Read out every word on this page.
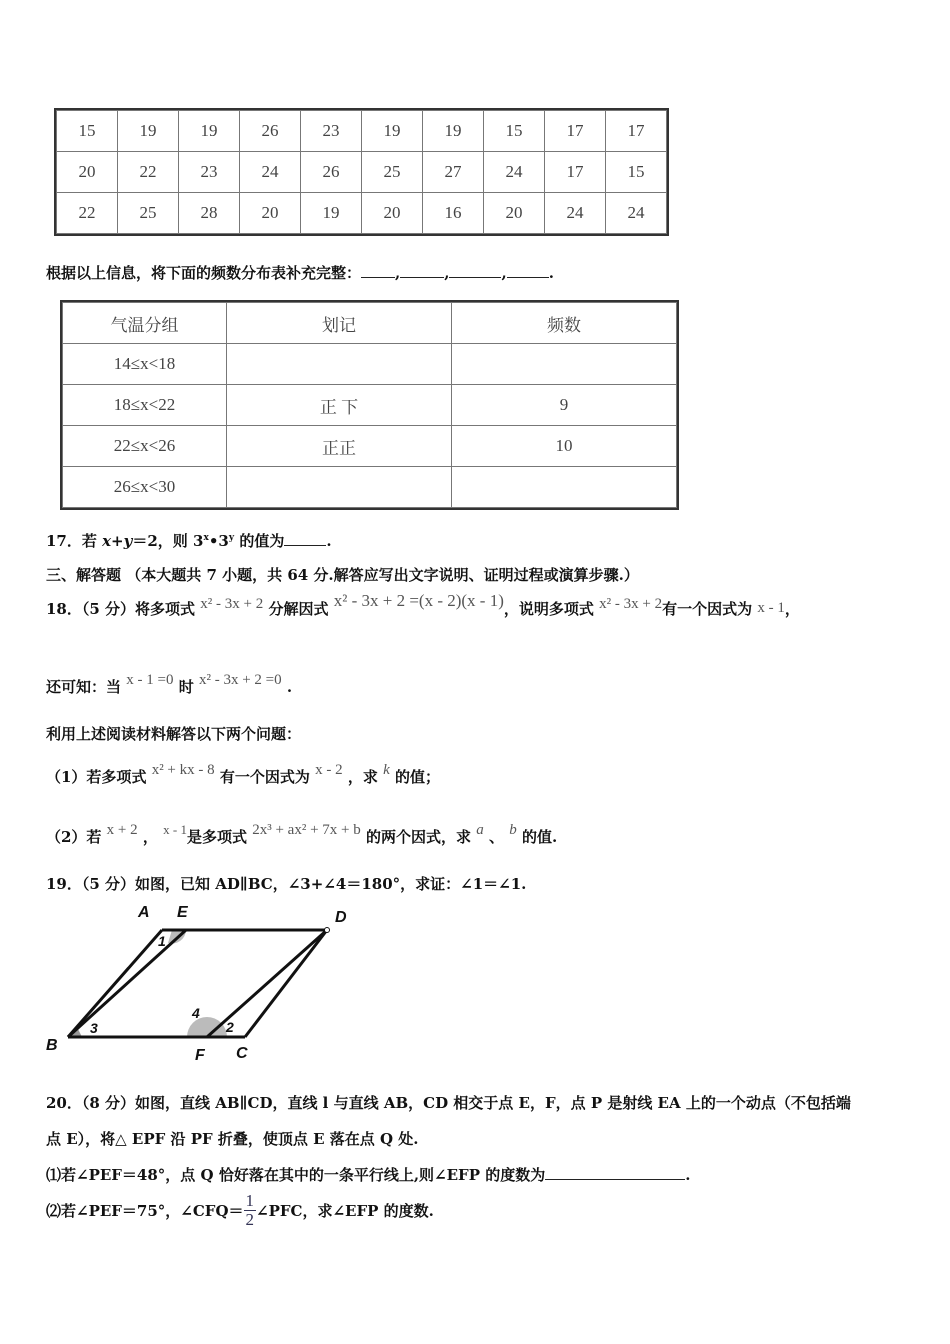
15	19	19	26	23	19	19	15	17	17
20	22	23	24	26	25	27	24	17	15
22	25	28	20	19	20	16	20	24	24
根据以上信息，将下面的频数分布表补充完整： ,	,	,	.
气温分组	划记	频数
14≤x<18		
18≤x<22	正 下	9
22≤x<26	正正	10
26≤x<30		
17．若 x+y＝2，则 3$^x$•3$^y$ 的值为	.
三、解答题 （本大题共 7 小题，共 64 分.解答应写出文字说明、证明过程或演算步骤.）
18．（5 分）将多项式 x² - 3x + 2 分解因式 x² - 3x + 2 =(x - 2)(x - 1)，说明多项式 x² - 3x + 2有一个因式为 x - 1，
还可知：当 x - 1 =0 时 x² - 3x + 2 =0 .
利用上述阅读材料解答以下两个问题：
（1）若多项式 x² + kx - 8 有一个因式为 x - 2 ，求 k 的值；
（2）若 x + 2 ， x - 1是多项式 2x³ + ax² + 7x + b 的两个因式，求 a 、 b 的值.
19．（5 分）如图，已知 AD∥BC，∠3+∠4＝180°，求证：∠1＝∠1.
A E	D
B
F C
1
2
3
4
20．（8 分）如图，直线 AB∥CD，直线 l 与直线 AB，CD 相交于点 E，F，点 P 是射线 EA 上的一个动点（不包括端
点 E），将△ EPF 沿 PF 折叠，使顶点 E 落在点 Q 处.
⑴若∠PEF＝48°，点 Q 恰好落在其中的一条平行线上,则∠EFP 的度数为	.
⑵若∠PEF＝75°，∠CFQ＝ $\frac{1}{2}$ ∠PFC，求∠EFP 的度数.
